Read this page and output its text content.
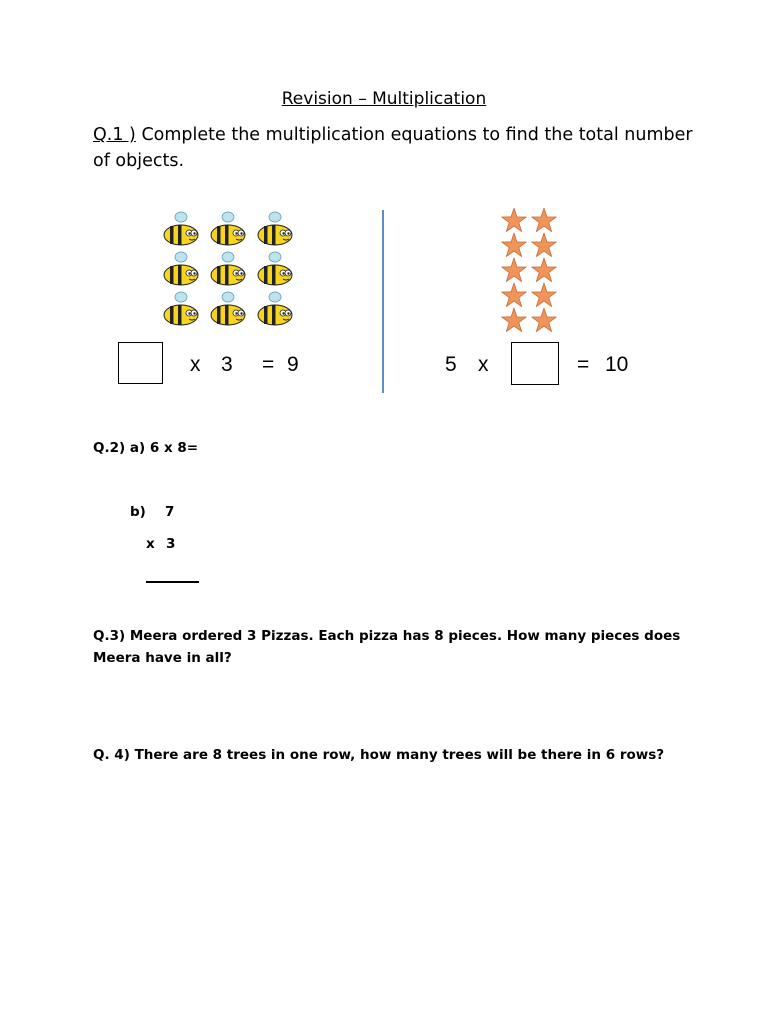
Revision – Multiplication
Q.1 ) Complete the multiplication equations to find the total number
of objects.
x 3 = 9	5 x	= 10
Q.2) a) 6 x 8=
b) 7
x 3
Q.3) Meera ordered 3 Pizzas. Each pizza has 8 pieces. How many pieces does
Meera have in all?
Q. 4) There are 8 trees in one row, how many trees will be there in 6 rows?
